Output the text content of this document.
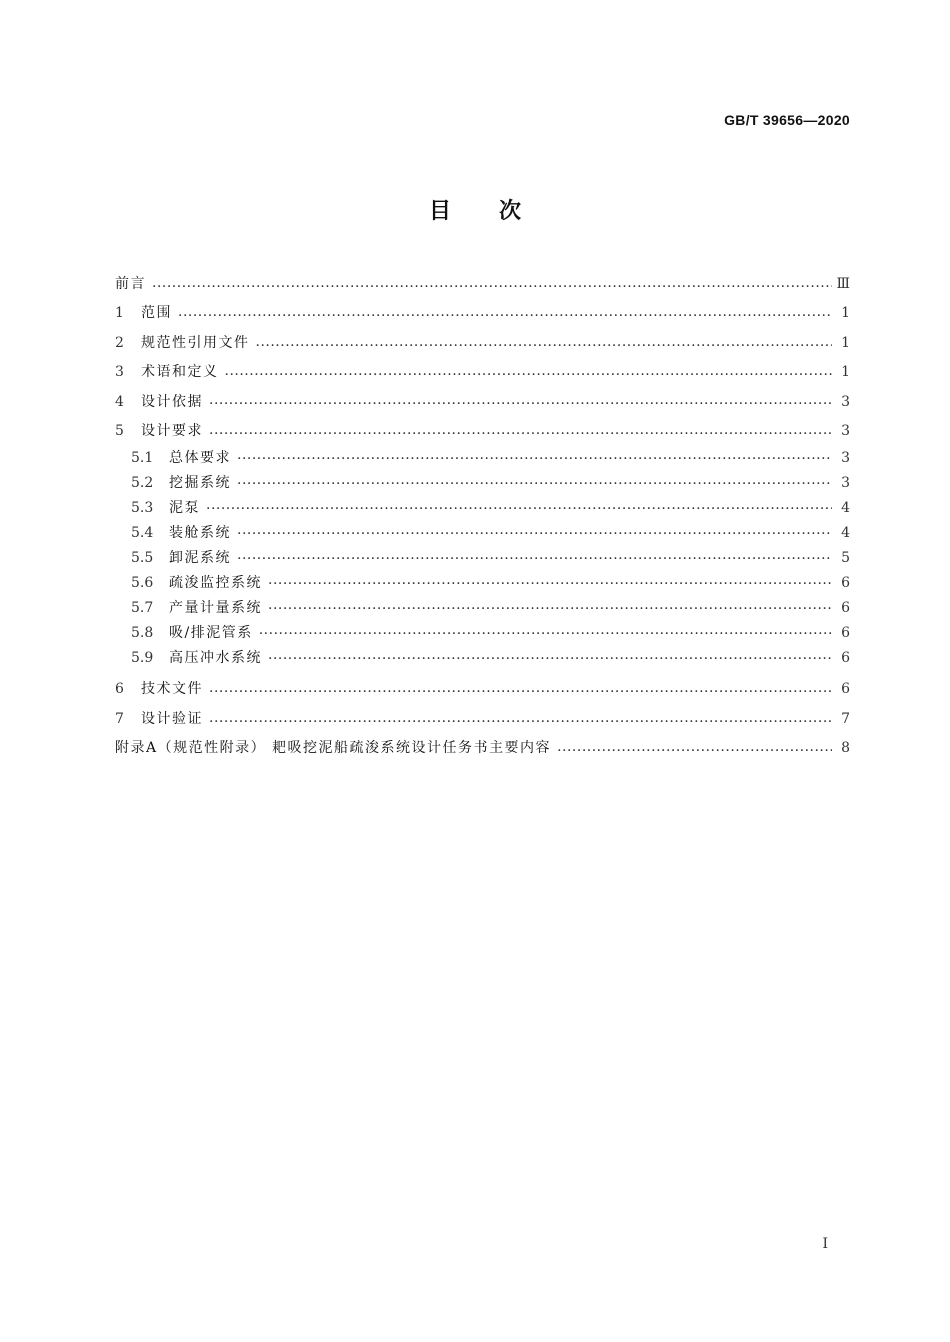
GB/T 39656—2020
目次
前言 ·····	Ⅲ
1	范围 ·····	1
2	规范性引用文件 ·····	1
3	术语和定义 ·····	1
4	设计依据 ·····	3
5	设计要求 ·····	3
5.1	总体要求 ·····	3
5.2	挖掘系统 ·····	3
5.3	泥泵 ·····	4
5.4	装舱系统 ·····	4
5.5	卸泥系统 ·····	5
5.6	疏浚监控系统 ·····	6
5.7	产量计量系统 ·····	6
5.8	吸/排泥管系 ·····	6
5.9	高压冲水系统 ·····	6
6	技术文件 ·····	6
7	设计验证 ·····	7
附录A（规范性附录） 耙吸挖泥船疏浚系统设计任务书主要内容 ·····	8
Ⅰ
